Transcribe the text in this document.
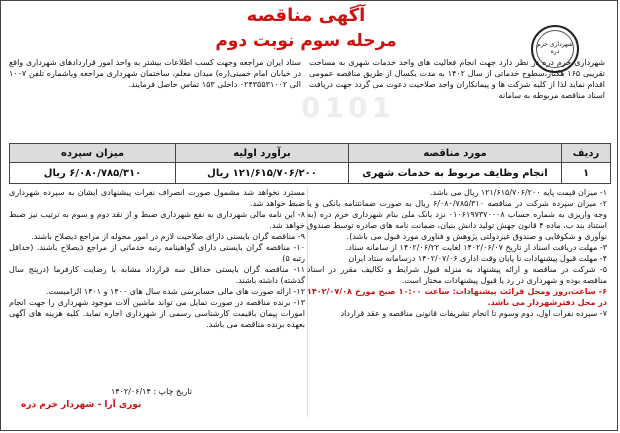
0101
شهرداری خرم دره
آگهی مناقصه
مرحله سوم نوبت دوم
شهرداری خرم دره در نظر دارد جهت انجام فعالیت های واحد خدمات شهری به مساحت تقریبی ۱۶۵ هکتار،سطوح خدماتی از سال ۱۴۰۲ به مدت یکسال از طریق مناقصه عمومی اقدام نماید لذا از کلیه شرکت ها و پیمانکاران واجد صلاحیت دعوت می گردد جهت دریافت اسناد مناقصه مربوطه به سامانه
ستاد ایران مراجعه وجهت کسب اطلاعات بیشتر به واحد امور قراردادهای شهرداری واقع در خیابان امام خمینی(ره) میدان معلم، ساختمان شهرداری مراجعه ویاشماره تلفن ۱۰۰۷ الی ۰۲۴۳۵۵۳۱۰۰۲ داخلی ۱۵۳ تماس حاصل فرمایند.
ردیف	مورد مناقصه	برآورد اولیه	میزان سپرده
۱	انجام وظایف مربوط به خدمات شهری	۱۲۱/۶۱۵/۷۰۶/۲۰۰ ریال	۶/۰۸۰/۷۸۵/۳۱۰ ریال

۱- میزان قیمت پایه ۱۲۱/۶۱۵/۷۰۶/۲۰۰ ریال می باشد.

۲- میزان سپرده شرکت در مناقصه ۶/۰۸۰/۷۸۵/۳۱۰ ریال به صورت ضمانتنامه بانکی و یا وجه واریزی به شماره حساب ۰۱۰۶۱۹۷۳۷۰۰۰۸ نزد بانک ملی بنام شهرداری خرم دره (به استناد بند ب، ماده ۴ قانون جهش تولید دانش بنیان، ضمانت نامه های صادره توسط صندوق نوآوری و شکوفایی و صندوق غیردولتی پژوهش و فناوری مورد قبول می باشد).

۳- مهلت دریافت اسناد از تاریخ ۱۴۰۲/۰۶/۰۷ لغایت ۱۴۰۲/۰۶/۲۲ از سامانه ستاد.

۴- مهلت قبول پیشنهادات تا پایان وقت اداری ۱۴۰۲/۰۷/۰۶ درسامانه ستاد ایران

۵- شرکت در مناقصه و ارائه پیشنهاد به منزله قبول شرایط و تکالیف مقرر در اسناد مناقصه بوده و شهرداری در رد یا قبول پیشنهادات مختار است.

۶- ساعت،روز ومحل قرائت پیشنهادات: ساعت ۱۰:۰۰ صبح مورخ ۱۴۰۲/۰۷/۰۸ در محل دفترشهردار می باشد.

۷- سپرده نفرات اول، دوم وسوم تا انجام تشریفات قانونی مناقصه و عقد قرارداد

مسترد نخواهد شد مشمول صورت انصراف نفرات پیشنهادی ایشان به سپرده شهرداری ضبط خواهد شد.

۸- این نامه مالی شهرداری به نفع شهرداری ضبط و از نقد دوم و سوم به ترتیب نیز ضبط خواهد شد.

۹- مناقصه گران بایستی دارای صلاحیت لازم در امور محوله از مراجع ذیصلاح باشند.

۱۰- مناقصه گران بایستی دارای گواهینامه رتبه خدماتی از مراجع ذیصلاح باشند. (حداقل رتبه ۵)

۱۱- مناقصه گران بایستی حداقل سه قرارداد مشابه با رضایت کارفرما (درپنج سال گذشته) داشته باشند.

۱۲- ارائه صورت های مالی حسابرسی شده سال های ۱۴۰۰ و ۱۴۰۱ الزامیست.

۱۳- برنده مناقصه در صورت تمایل می تواند ماشین آلات موجود شهرداری را جهت انجام امورات پیمان باقیمت کارشناسی رسمی از شهرداری اجاره نماید. کلیه هزینه های آگهی بعهده برنده مناقصه می باشد.

تاریخ چاپ : ۱۴۰۲/۰۶/۱۴
نوری آرا - شهردار خرم دره
